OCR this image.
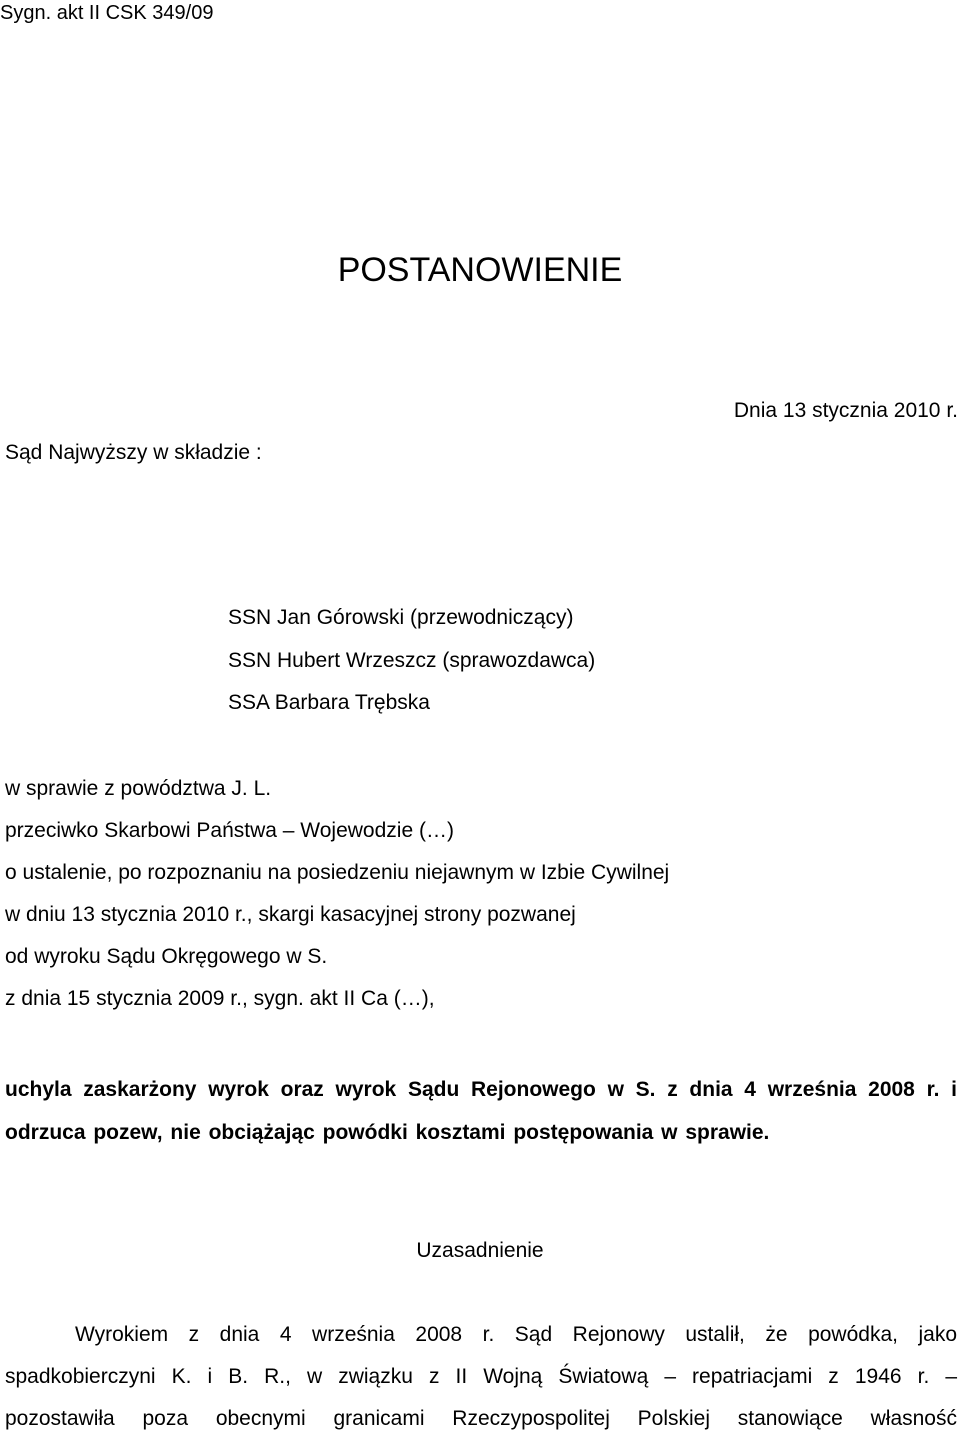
Sygn. akt II CSK 349/09
POSTANOWIENIE
Dnia 13 stycznia 2010 r.
Sąd Najwyższy w składzie :
SSN Jan Górowski (przewodniczący)
SSN Hubert Wrzeszcz (sprawozdawca)
SSA Barbara Trębska
w sprawie z powództwa J. L.
przeciwko Skarbowi Państwa – Wojewodzie (…)
o ustalenie, po rozpoznaniu na posiedzeniu niejawnym w Izbie Cywilnej
w dniu 13 stycznia 2010 r., skargi kasacyjnej strony pozwanej
od wyroku Sądu Okręgowego w S.
z dnia 15 stycznia 2009 r., sygn. akt II Ca (…),
uchyla zaskarżony wyrok oraz wyrok Sądu Rejonowego w S. z dnia 4 września 2008 r. i odrzuca pozew, nie obciążając powódki kosztami postępowania w sprawie.
Uzasadnienie
Wyrokiem z dnia 4 września 2008 r. Sąd Rejonowy ustalił, że powódka, jako
spadkobierczyni K. i B. R., w związku z II Wojną Światową – repatriacjami z 1946 r. –
pozostawiła poza obecnymi granicami Rzeczypospolitej Polskiej stanowiące własność
